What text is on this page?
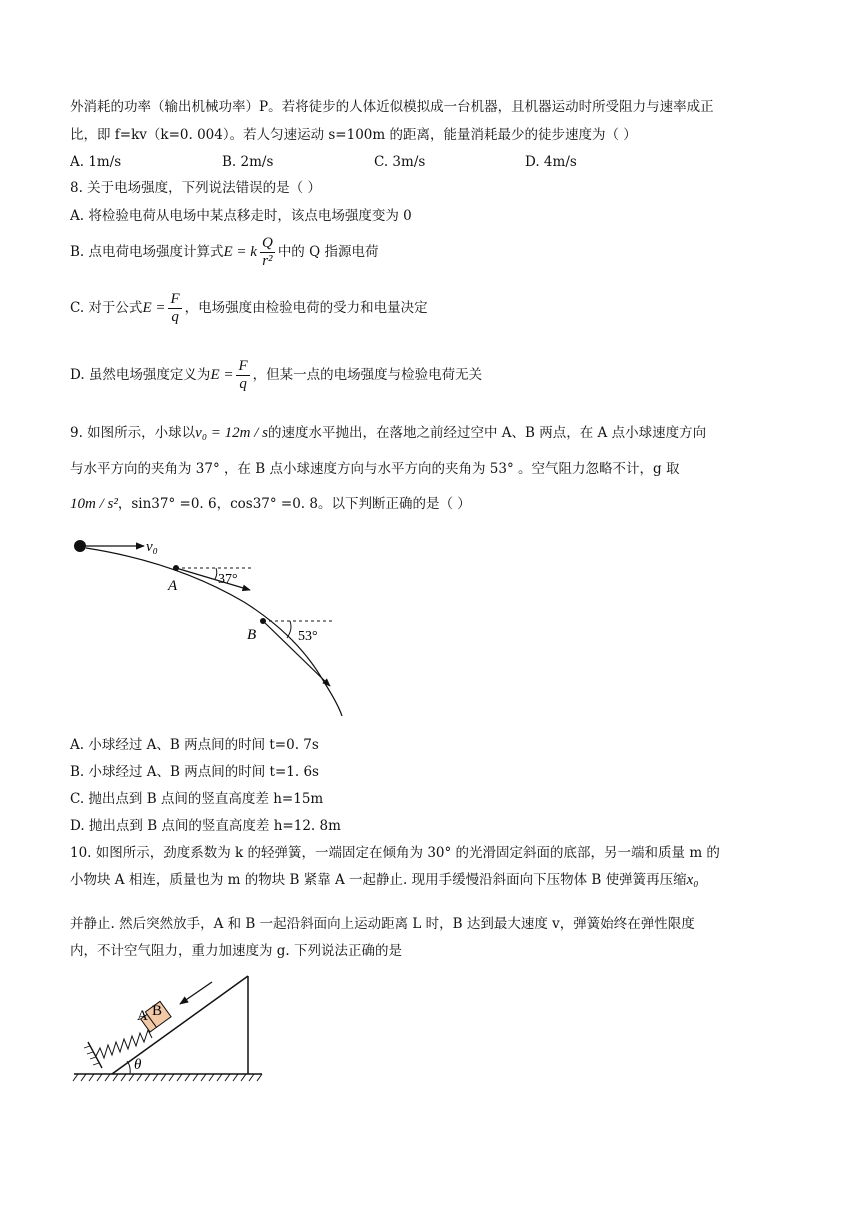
外消耗的功率（输出机械功率）P。若将徒步的人体近似模拟成一台机器，且机器运动时所受阻力与速率成正
比，即 f=kv（k=0. 004）。若人匀速运动 s=100m 的距离，能量消耗最少的徒步速度为（ ）
A. 1m/s	B. 2m/s	C. 3m/s	D. 4m/s
8. 关于电场强度，下列说法错误的是（ ）
A. 将检验电荷从电场中某点移走时，该点电场强度变为 0
B. 点电荷电场强度计算式E = k $\frac{Q}{\text{r²}}$ 中的 Q 指源电荷
C. 对于公式$E = \frac{F}{q}$ ，电场强度由检验电荷的受力和电量决定
D. 虽然电场强度定义为$E = \frac{F}{q}$ ，但某一点的电场强度与检验电荷无关
9. 如图所示，小球以v₀ = 12m / s的速度水平抛出，在落地之前经过空中 A、B 两点，在 A 点小球速度方向
与水平方向的夹角为 37° ，在 B 点小球速度方向与水平方向的夹角为 53° 。空气阻力忽略不计，g 取
10m / s²，sin37° =0. 6，cos37° =0. 8。以下判断正确的是（ ）
v₀
A	37°
B	53°
A. 小球经过 A、B 两点间的时间 t=0. 7s
B. 小球经过 A、B 两点间的时间 t=1. 6s
C. 抛出点到 B 点间的竖直高度差 h=15m
D. 抛出点到 B 点间的竖直高度差 h=12. 8m
10. 如图所示，劲度系数为 k 的轻弹簧，一端固定在倾角为 30° 的光滑固定斜面的底部，另一端和质量 m 的
小物块 A 相连，质量也为 m 的物块 B 紧靠 A 一起静止. 现用手缓慢沿斜面向下压物体 B 使弹簧再压缩x₀
并静止. 然后突然放手，A 和 B 一起沿斜面向上运动距离 L 时，B 达到最大速度 v，弹簧始终在弹性限度
内，不计空气阻力，重力加速度为 g. 下列说法正确的是
A B
θ
